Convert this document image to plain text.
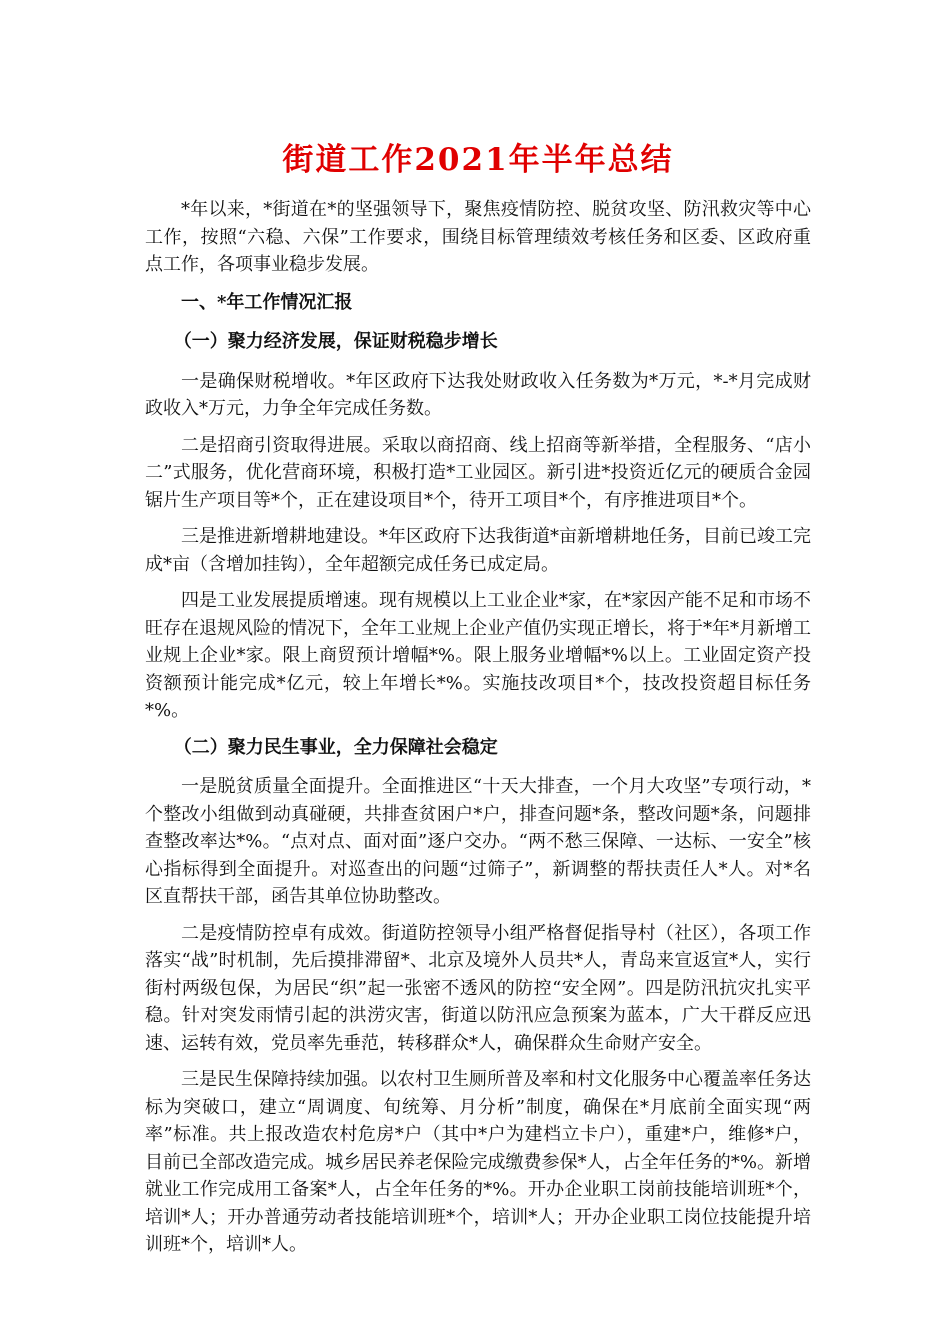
街道工作2021年半年总结

*年以来，*街道在*的坚强领导下，聚焦疫情防控、脱贫攻坚、防汛救灾等中心工作，按照“六稳、六保”工作要求，围绕目标管理绩效考核任务和区委、区政府重点工作，各项事业稳步发展。

一、*年工作情况汇报

（一）聚力经济发展，保证财税稳步增长

一是确保财税增收。*年区政府下达我处财政收入任务数为*万元，*-*月完成财政收入*万元，力争全年完成任务数。

二是招商引资取得进展。采取以商招商、线上招商等新举措，全程服务、“店小二”式服务，优化营商环境，积极打造*工业园区。新引进*投资近亿元的硬质合金园锯片生产项目等*个，正在建设项目*个，待开工项目*个，有序推进项目*个。

三是推进新增耕地建设。*年区政府下达我街道*亩新增耕地任务，目前已竣工完成*亩（含增加挂钩），全年超额完成任务已成定局。

四是工业发展提质增速。现有规模以上工业企业*家，在*家因产能不足和市场不旺存在退规风险的情况下，全年工业规上企业产值仍实现正增长，将于*年*月新增工业规上企业*家。限上商贸预计增幅*%。限上服务业增幅*%以上。工业固定资产投资额预计能完成*亿元，较上年增长*%。实施技改项目*个，技改投资超目标任务*%。

（二）聚力民生事业，全力保障社会稳定

一是脱贫质量全面提升。全面推进区“十天大排查，一个月大攻坚”专项行动，*个整改小组做到动真碰硬，共排查贫困户*户，排查问题*条，整改问题*条，问题排查整改率达*%。“点对点、面对面”逐户交办。“两不愁三保障、一达标、一安全”核心指标得到全面提升。对巡查出的问题“过筛子”，新调整的帮扶责任人*人。对*名区直帮扶干部，函告其单位协助整改。

二是疫情防控卓有成效。街道防控领导小组严格督促指导村（社区），各项工作落实“战”时机制，先后摸排滞留*、北京及境外人员共*人，青岛来宣返宣*人，实行街村两级包保，为居民“织”起一张密不透风的防控“安全网”。四是防汛抗灾扎实平稳。针对突发雨情引起的洪涝灾害，街道以防汛应急预案为蓝本，广大干群反应迅速、运转有效，党员率先垂范，转移群众*人，确保群众生命财产安全。

三是民生保障持续加强。以农村卫生厕所普及率和村文化服务中心覆盖率任务达标为突破口，建立“周调度、旬统筹、月分析”制度，确保在*月底前全面实现“两率”标准。共上报改造农村危房*户（其中*户为建档立卡户），重建*户，维修*户，目前已全部改造完成。城乡居民养老保险完成缴费参保*人，占全年任务的*%。新增就业工作完成用工备案*人，占全年任务的*%。开办企业职工岗前技能培训班*个，培训*人；开办普通劳动者技能培训班*个，培训*人；开办企业职工岗位技能提升培训班*个，培训*人。
